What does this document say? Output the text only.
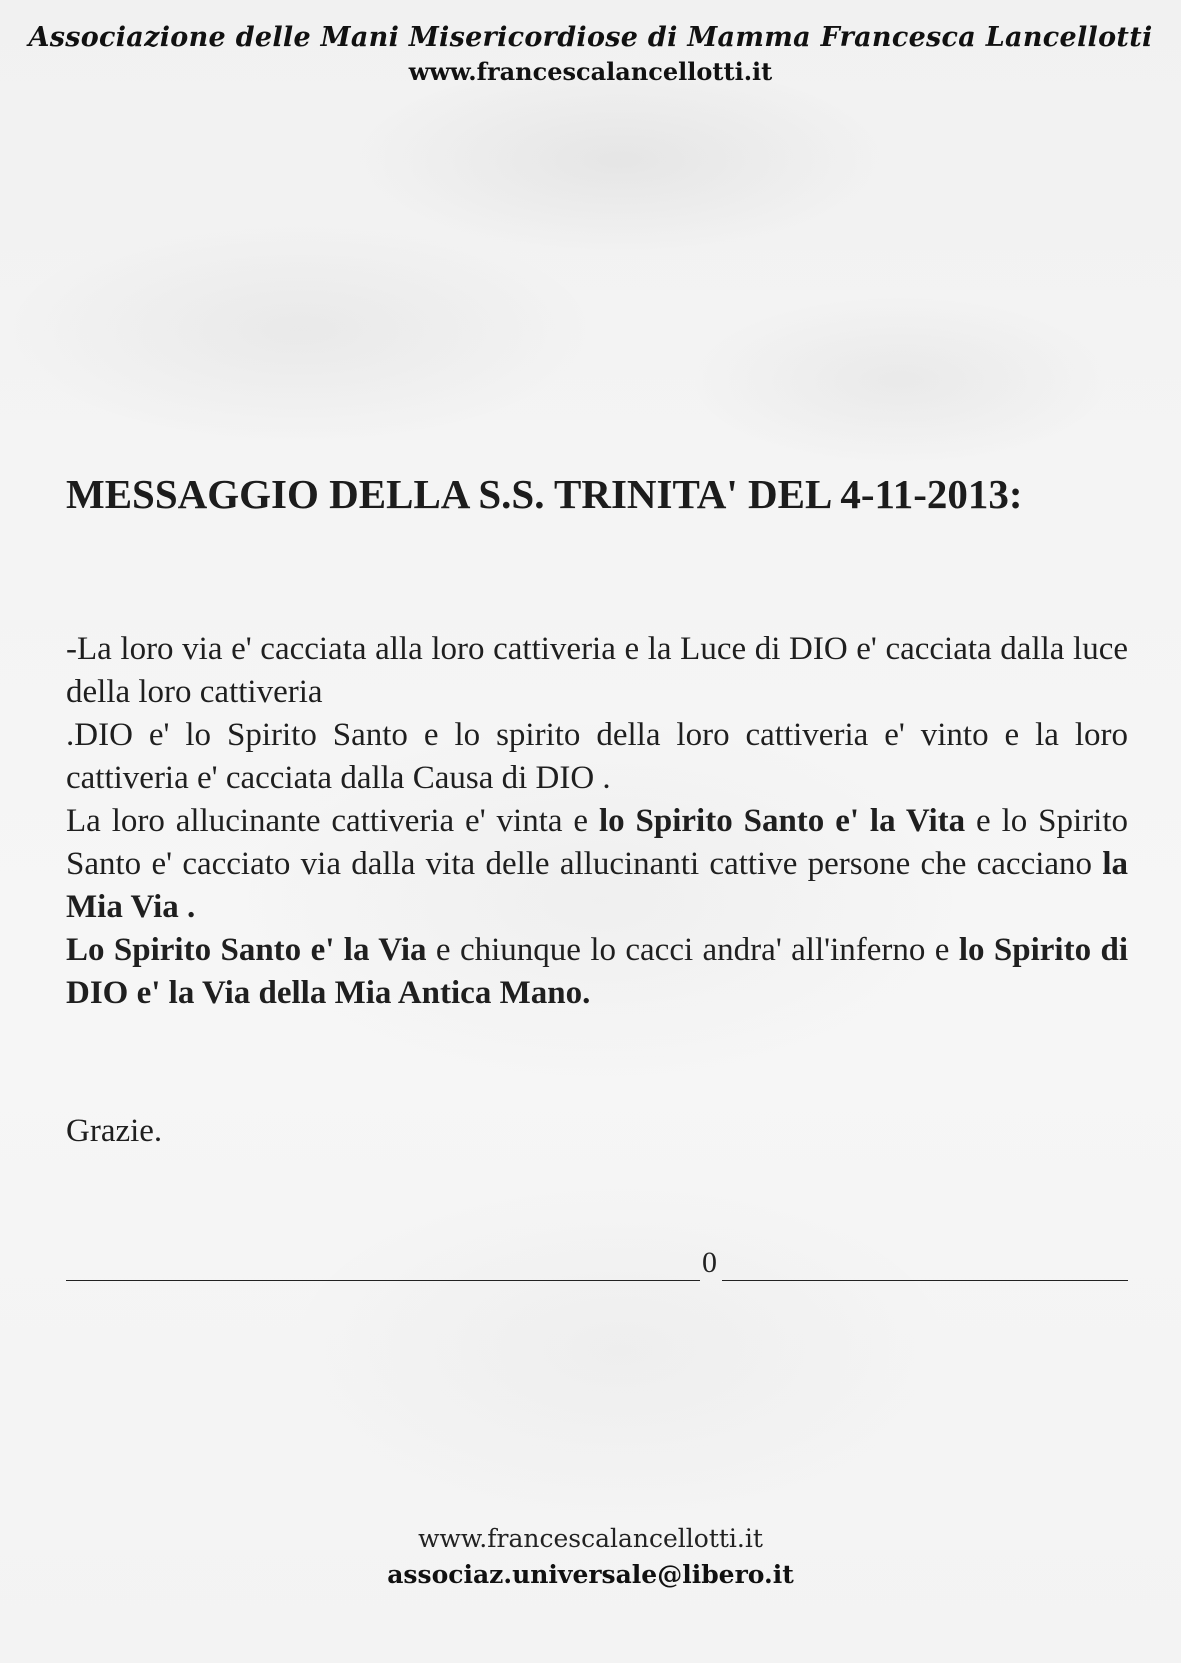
Associazione delle Mani Misericordiose di Mamma Francesca Lancellotti
www.francescalancellotti.it
MESSAGGIO DELLA S.S. TRINITA' DEL 4-11-2013:

-La loro via e' cacciata alla loro cattiveria e la Luce di DIO e' cacciata dalla luce della loro cattiveria

.DIO e' lo Spirito Santo e lo spirito della loro cattiveria e' vinto e la loro cattiveria e' cacciata dalla Causa di DIO .

La loro allucinante cattiveria e' vinta e lo Spirito Santo e' la Vita e lo Spirito Santo e' cacciato via dalla vita delle allucinanti cattive persone che cacciano la Mia Via .

Lo Spirito Santo e' la Via e chiunque lo cacci andra' all'inferno e lo Spirito di DIO e' la Via della Mia Antica Mano.

Grazie.
0
www.francescalancellotti.it
associaz.universale@libero.it
